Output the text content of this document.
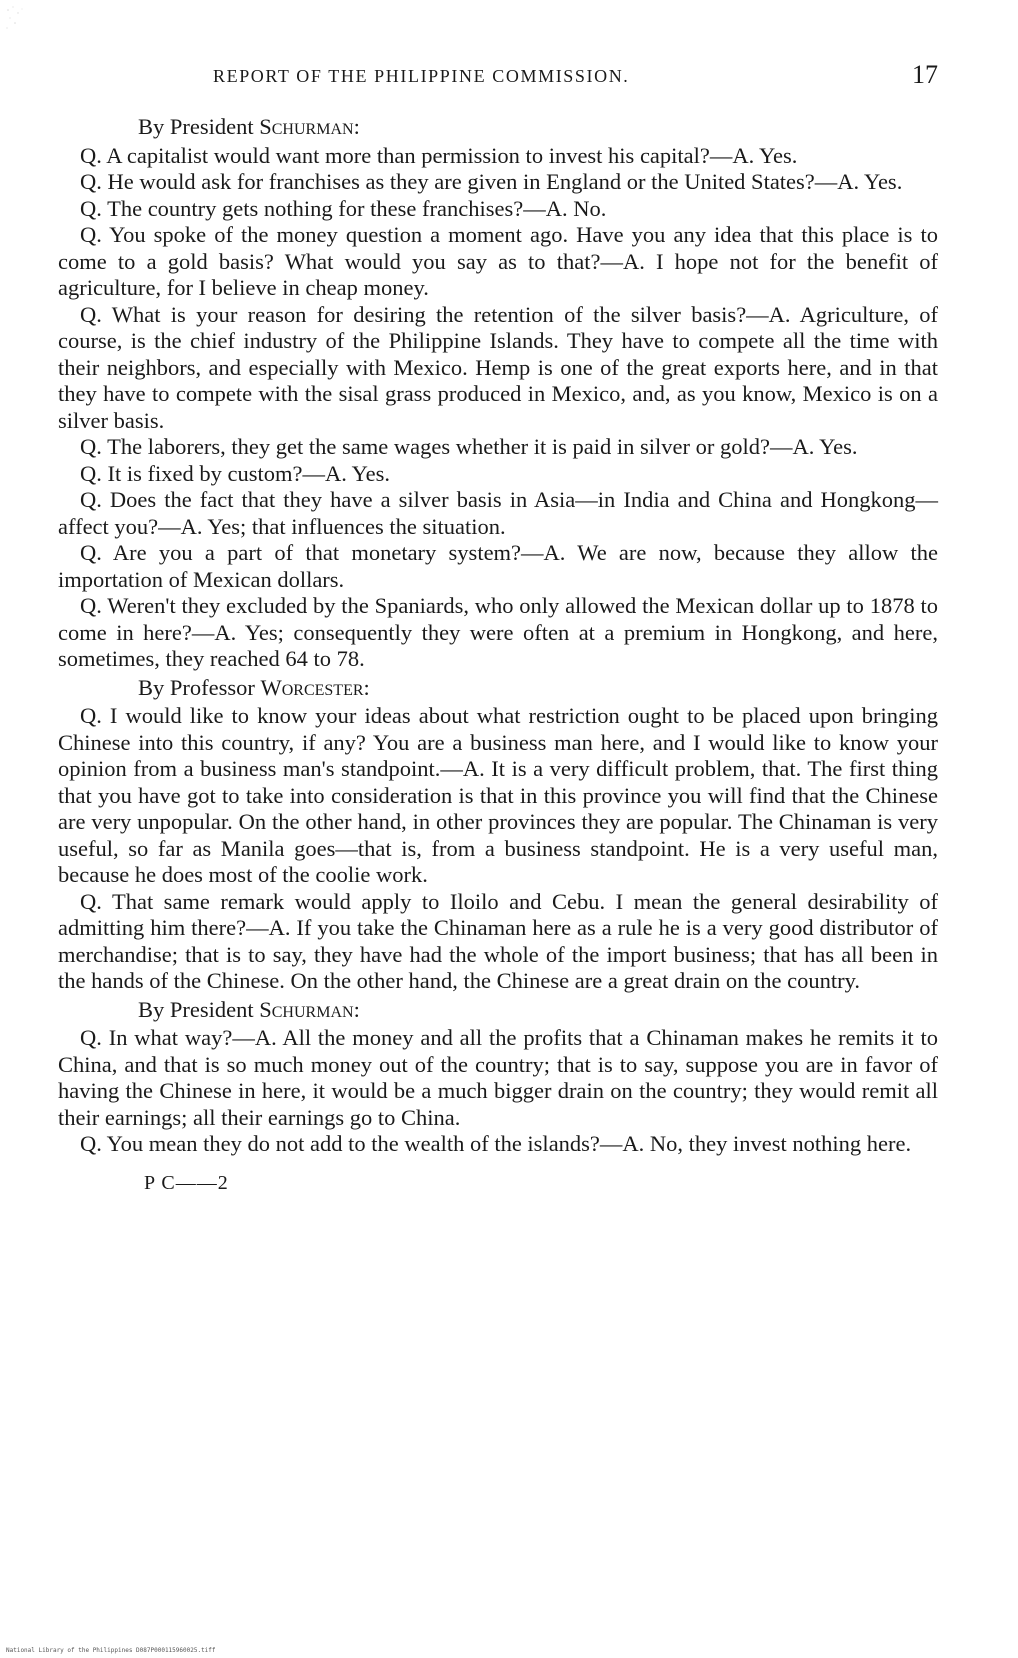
REPORT OF THE PHILIPPINE COMMISSION.	17
By President Schurman:

Q. A capitalist would want more than permission to invest his capital?—A. Yes.

Q. He would ask for franchises as they are given in England or the United States?—A. Yes.

Q. The country gets nothing for these franchises?—A. No.

Q. You spoke of the money question a moment ago. Have you any idea that this place is to come to a gold basis? What would you say as to that?—A. I hope not for the benefit of agriculture, for I believe in cheap money.

Q. What is your reason for desiring the retention of the silver basis?—A. Agriculture, of course, is the chief industry of the Philippine Islands. They have to compete all the time with their neighbors, and especially with Mexico. Hemp is one of the great exports here, and in that they have to compete with the sisal grass produced in Mexico, and, as you know, Mexico is on a silver basis.

Q. The laborers, they get the same wages whether it is paid in silver or gold?—A. Yes.

Q. It is fixed by custom?—A. Yes.

Q. Does the fact that they have a silver basis in Asia—in India and China and Hongkong—affect you?—A. Yes; that influences the situation.

Q. Are you a part of that monetary system?—A. We are now, because they allow the importation of Mexican dollars.

Q. Weren't they excluded by the Spaniards, who only allowed the Mexican dollar up to 1878 to come in here?—A. Yes; consequently they were often at a premium in Hongkong, and here, sometimes, they reached 64 to 78.

By Professor Worcester:

Q. I would like to know your ideas about what restriction ought to be placed upon bringing Chinese into this country, if any? You are a business man here, and I would like to know your opinion from a business man's standpoint.—A. It is a very difficult problem, that. The first thing that you have got to take into consideration is that in this province you will find that the Chinese are very unpopular. On the other hand, in other provinces they are popular. The Chinaman is very useful, so far as Manila goes—that is, from a business standpoint. He is a very useful man, because he does most of the coolie work.

Q. That same remark would apply to Iloilo and Cebu. I mean the general desirability of admitting him there?—A. If you take the Chinaman here as a rule he is a very good distributor of merchandise; that is to say, they have had the whole of the import business; that has all been in the hands of the Chinese. On the other hand, the Chinese are a great drain on the country.

By President Schurman:

Q. In what way?—A. All the money and all the profits that a Chinaman makes he remits it to China, and that is so much money out of the country; that is to say, suppose you are in favor of having the Chinese in here, it would be a much bigger drain on the country; they would remit all their earnings; all their earnings go to China.

Q. You mean they do not add to the wealth of the islands?—A. No, they invest nothing here.

P C——2
National Library of the Philippines D087P000115960025.tiff
